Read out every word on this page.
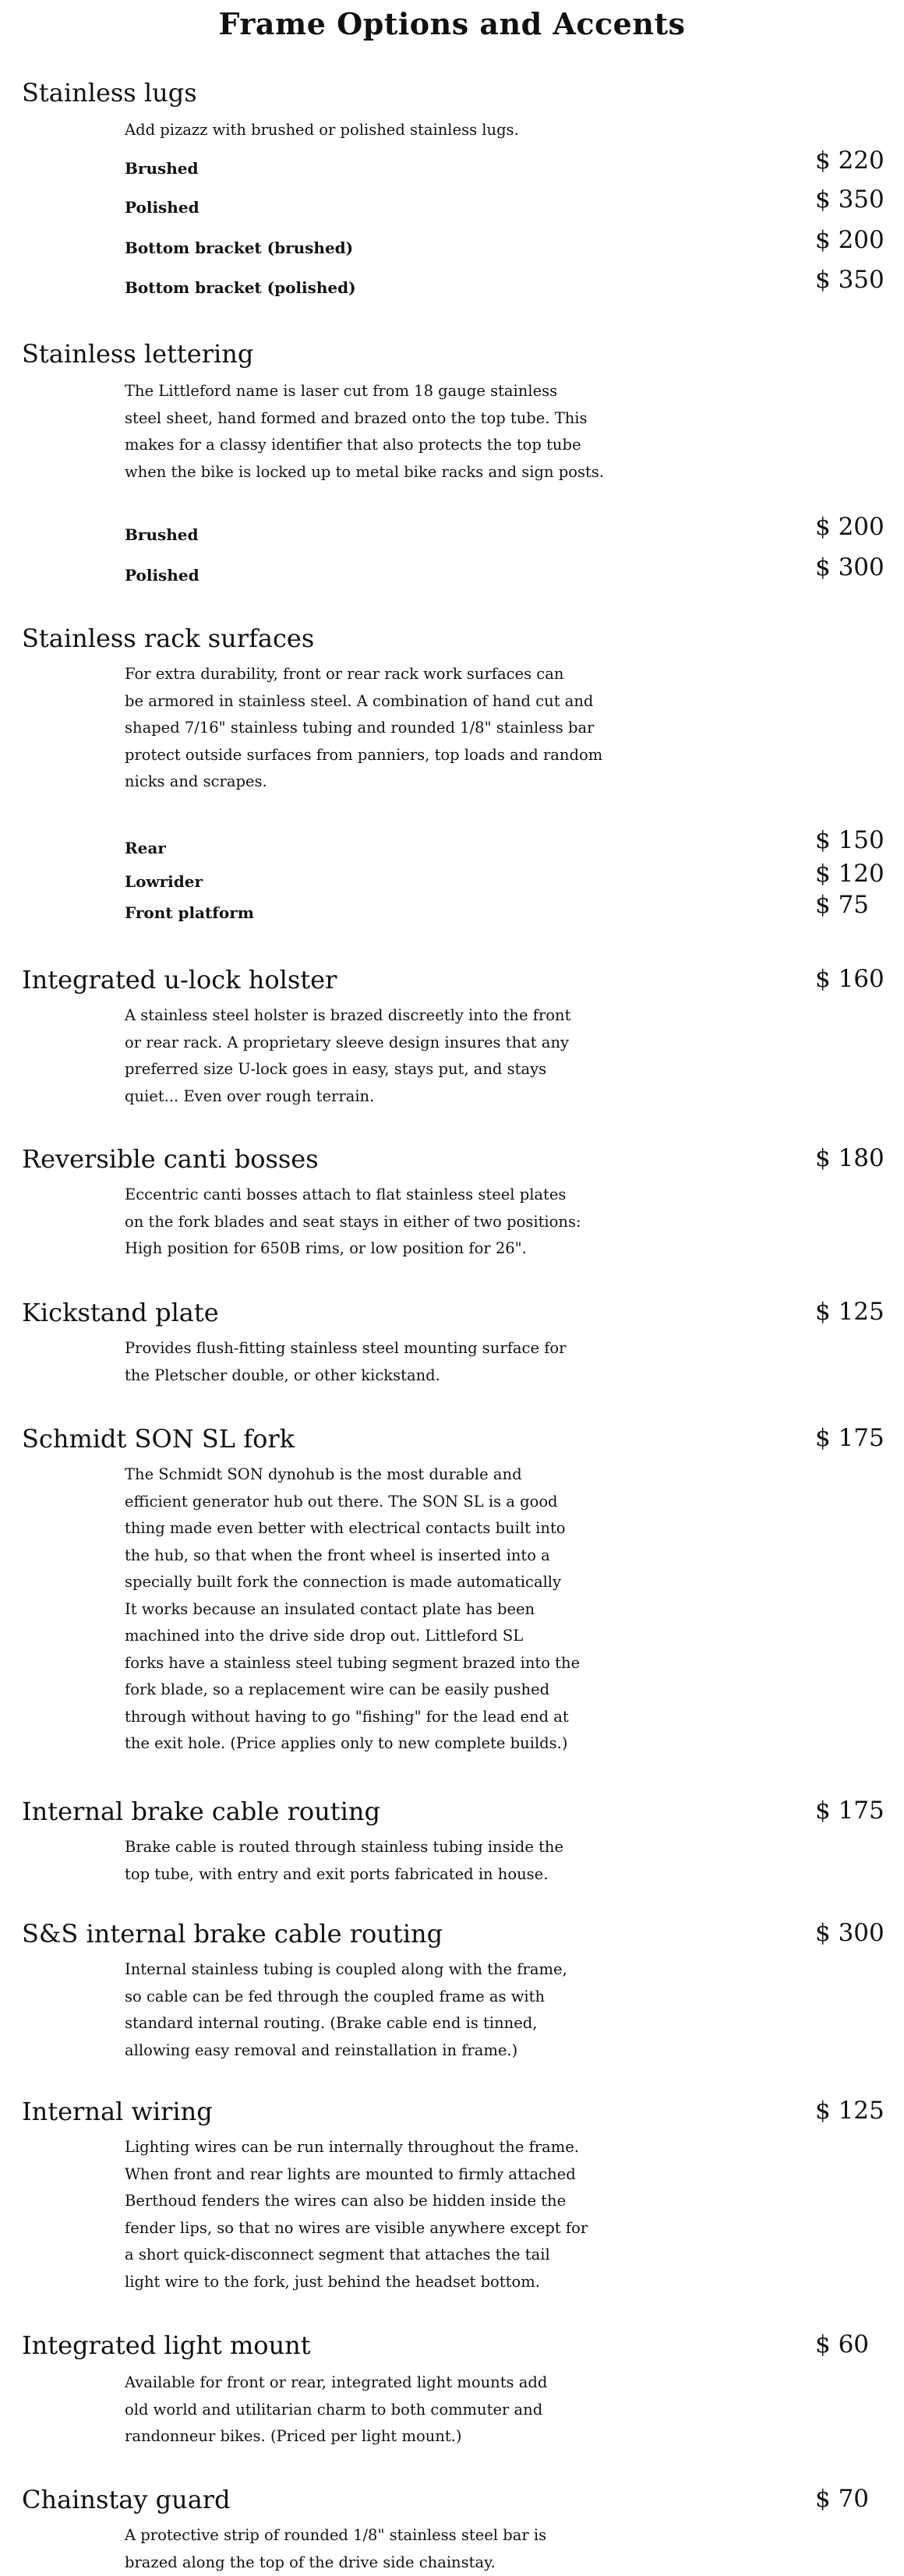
Frame Options and Accents
Stainless lugs
Add pizazz with brushed or polished stainless lugs.
Brushed	$ 220
Polished	$ 350
Bottom bracket (brushed)	$ 200
Bottom bracket (polished)	$ 350
Stainless lettering
The Littleford name is laser cut from 18 gauge stainless
steel sheet, hand formed and brazed onto the top tube. This
makes for a classy identifier that also protects the top tube
when the bike is locked up to metal bike racks and sign posts.
Brushed	$ 200
Polished	$ 300
Stainless rack surfaces
For extra durability, front or rear rack work surfaces can
be armored in stainless steel. A combination of hand cut and
shaped 7/16" stainless tubing and rounded 1/8" stainless bar
protect outside surfaces from panniers, top loads and random
nicks and scrapes.
Rear	$ 150
Lowrider	$ 120
Front platform	$ 75
Integrated u-lock holster	$ 160
A stainless steel holster is brazed discreetly into the front
or rear rack. A proprietary sleeve design insures that any
preferred size U-lock goes in easy, stays put, and stays
quiet... Even over rough terrain.
Reversible canti bosses	$ 180
Eccentric canti bosses attach to flat stainless steel plates
on the fork blades and seat stays in either of two positions:
High position for 650B rims, or low position for 26".
Kickstand plate	$ 125
Provides flush-fitting stainless steel mounting surface for
the Pletscher double, or other kickstand.
Schmidt SON SL fork	$ 175
The Schmidt SON dynohub is the most durable and
efficient generator hub out there. The SON SL is a good
thing made even better with electrical contacts built into
the hub, so that when the front wheel is inserted into a
specially built fork the connection is made automatically
It works because an insulated contact plate has been
machined into the drive side drop out. Littleford SL
forks have a stainless steel tubing segment brazed into the
fork blade, so a replacement wire can be easily pushed
through without having to go "fishing" for the lead end at
the exit hole. (Price applies only to new complete builds.)
Internal brake cable routing	$ 175
Brake cable is routed through stainless tubing inside the
top tube, with entry and exit ports fabricated in house.
S&S internal brake cable routing	$ 300
Internal stainless tubing is coupled along with the frame,
so cable can be fed through the coupled frame as with
standard internal routing. (Brake cable end is tinned,
allowing easy removal and reinstallation in frame.)
Internal wiring	$ 125
Lighting wires can be run internally throughout the frame.
When front and rear lights are mounted to firmly attached
Berthoud fenders the wires can also be hidden inside the
fender lips, so that no wires are visible anywhere except for
a short quick-disconnect segment that attaches the tail
light wire to the fork, just behind the headset bottom.
Integrated light mount	$ 60
Available for front or rear, integrated light mounts add
old world and utilitarian charm to both commuter and
randonneur bikes. (Priced per light mount.)
Chainstay guard	$ 70
A protective strip of rounded 1/8" stainless steel bar is
brazed along the top of the drive side chainstay.
